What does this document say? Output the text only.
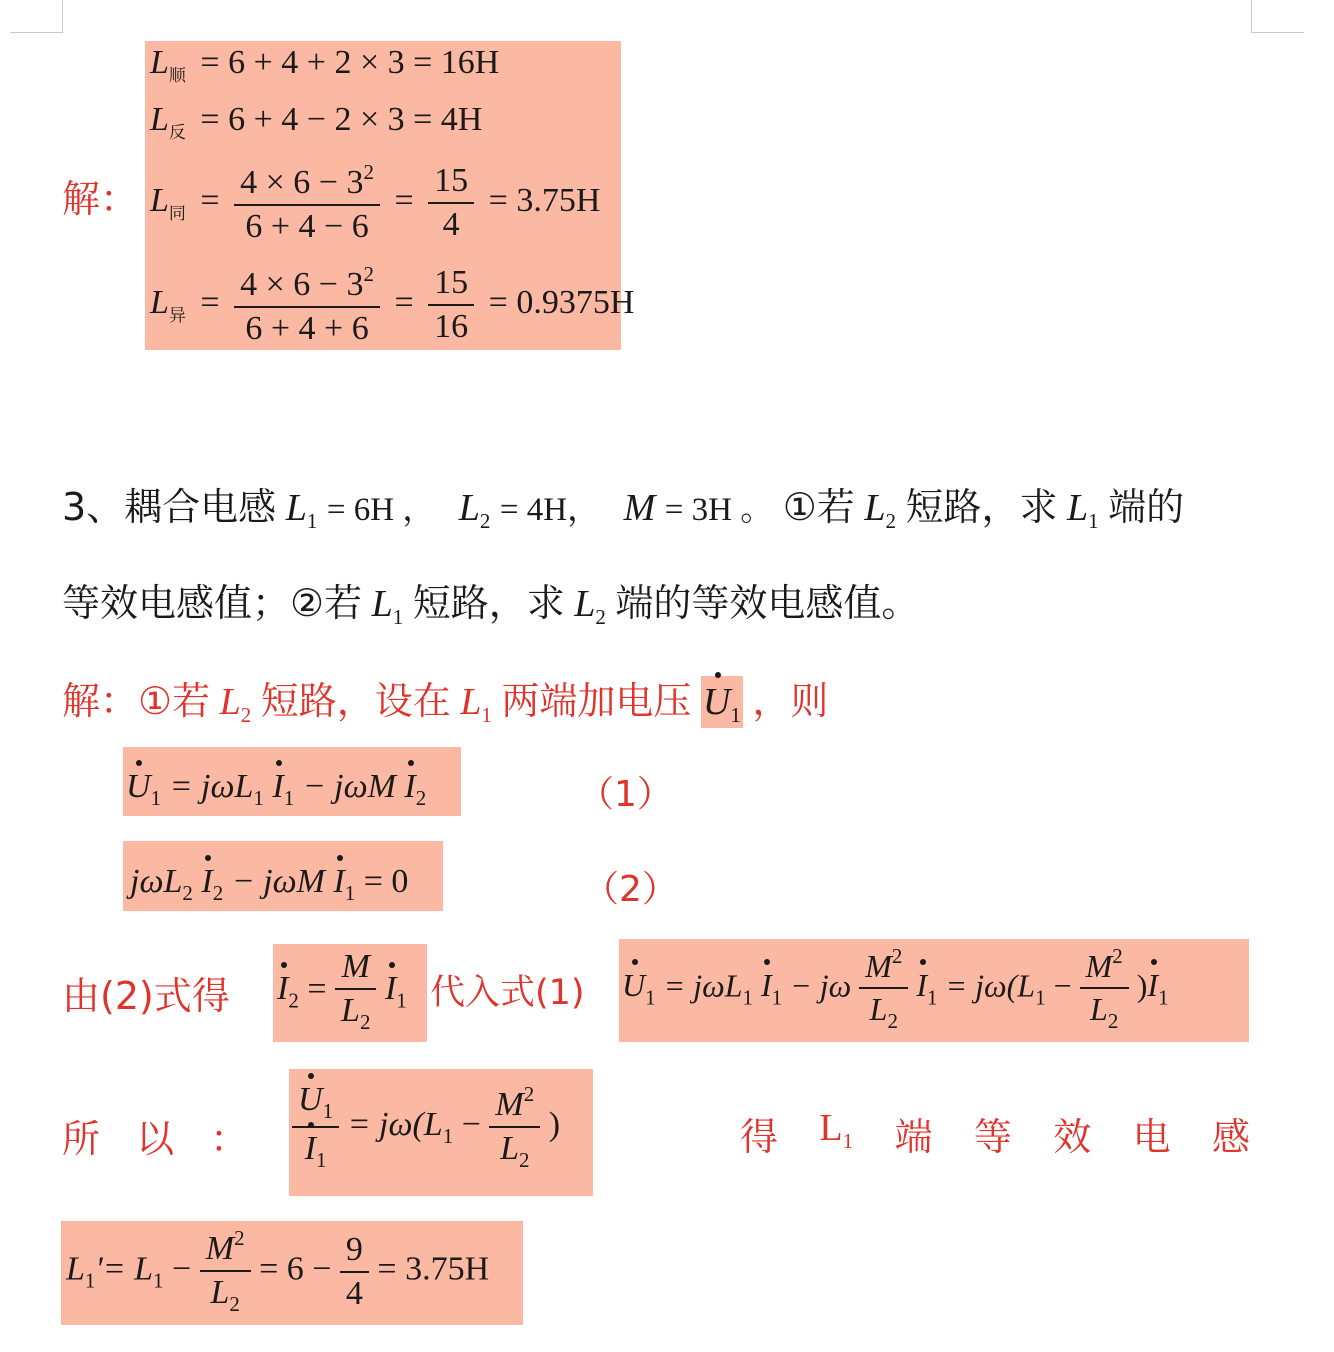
解：
$L_顺 = 6 + 4 + 2 \times 3 = 16H$
$L_反 = 6 + 4 - 2 \times 3 = 4H$
$L_同 = \frac{4 \times 6 - 3^2}{6 + 4 - 6} = \frac{15}{4} = 3.75H$
$L_异 = \frac{4 \times 6 - 3^2}{6 + 4 + 6} = \frac{15}{16} = 0.9375H$
3、耦合电感 $L_1 = 6H$ ， $L_2 = 4H$， M = 3H 。 ①若 $L_2$ 短路，求 $L_1$ 端的
等效电感值；②若 $L_1$ 短路，求 $L_2$ 端的等效电感值。
解：①若 $L_2$ 短路，设在 $L_1$ 两端加电压 $U_1$ ，则
$U_1 = j\omega L_1$ $I_1 - j\omega M$ $I_2$	（1）
jωL$_2$ $I_2 - j\omega M$ $I_1 = 0$	（2）
由(2)式得 $I_2 = \frac{M}{L_2} I_1$ 代入式(1) $U_1 = j\omega L_1$ $I_1 - j\omega \frac{M^2}{L_2} I_1 = j\omega(L_1 - \frac{M^2}{L_2} )I_1$
所 以 ： $\frac{U_1}{I_1} = j\omega(L_1 - \frac{M^2}{L_2}$ )	得 $L_1$ 端 等 效 电 感
$L_1'= L_1 - \frac{M^2}{L_2} = 6 - \frac{9}{4} = 3.75H$
